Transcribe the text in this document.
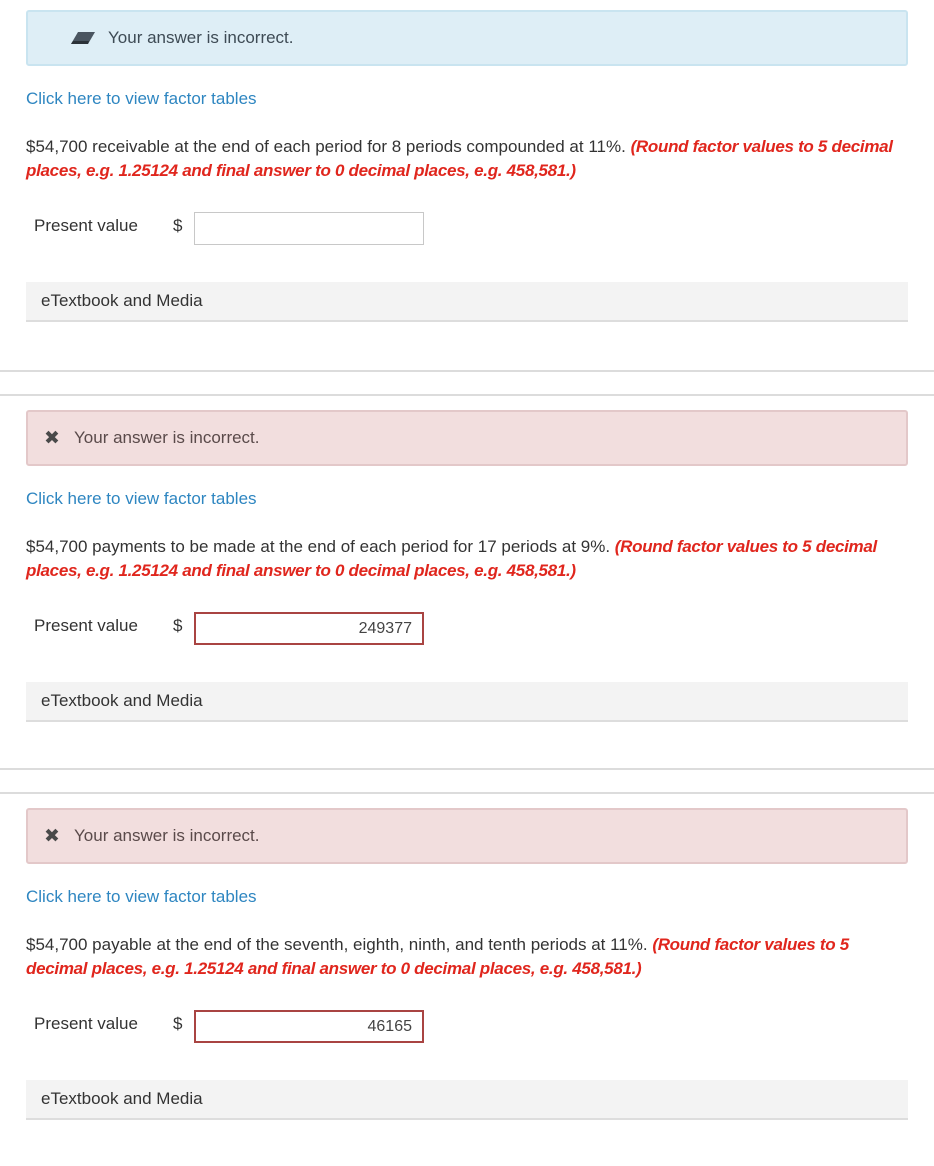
Your answer is incorrect.
Click here to view factor tables

$54,700 receivable at the end of each period for 8 periods compounded at 11%. (Round factor values to 5 decimal places, e.g. 1.25124 and final answer to 0 decimal places, e.g. 458,581.)

Present value $
eTextbook and Media
✖ Your answer is incorrect.
Click here to view factor tables

$54,700 payments to be made at the end of each period for 17 periods at 9%. (Round factor values to 5 decimal places, e.g. 1.25124 and final answer to 0 decimal places, e.g. 458,581.)

Present value $
249377
eTextbook and Media
✖ Your answer is incorrect.
Click here to view factor tables

$54,700 payable at the end of the seventh, eighth, ninth, and tenth periods at 11%. (Round factor values to 5 decimal places, e.g. 1.25124 and final answer to 0 decimal places, e.g. 458,581.)

Present value $
46165
eTextbook and Media
